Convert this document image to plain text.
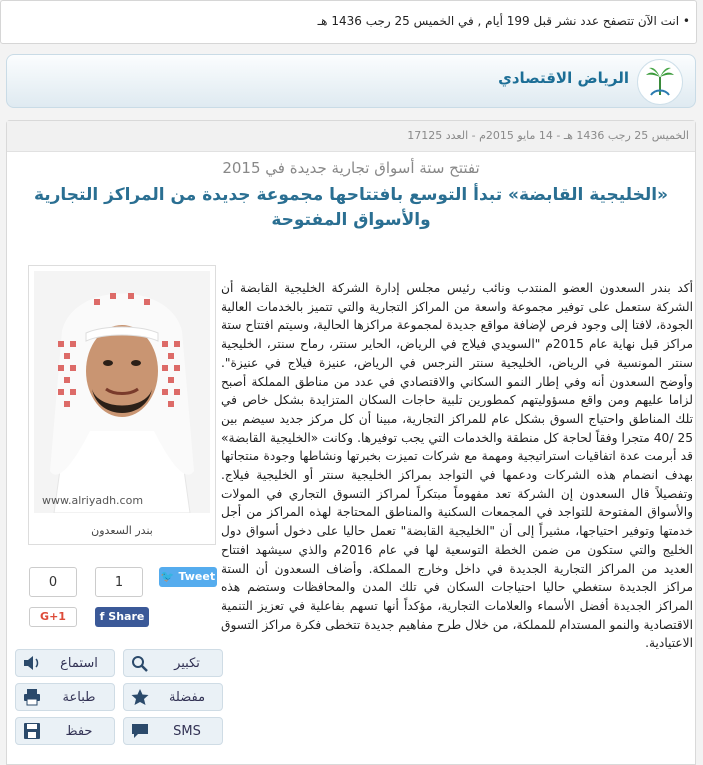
• انت الآن تتصفح عدد نشر قبل 199 أيام , في الخميس 25 رجب 1436 هـ
الرياض الاقتصادي
الخميس 25 رجب 1436 هـ - 14 مايو 2015م - العدد 17125
تفتتح ستة أسواق تجارية جديدة في 2015
«الخليجية القابضة» تبدأ التوسع بافتتاحها مجموعة جديدة من المراكز التجارية والأسواق المفتوحة
www.alriyadh.com
بندر السعدون
أكد بندر السعدون العضو المنتدب ونائب رئيس مجلس إدارة الشركة الخليجية القابضة أن الشركة ستعمل على توفير مجموعة واسعة من المراكز التجارية والتي تتميز بالخدمات العالية الجودة، لافتا إلى وجود فرص لإضافة مواقع جديدة لمجموعة مراكزها الحالية، وسيتم افتتاح ستة مراكز قبل نهاية عام 2015م "السويدي فيلاج في الرياض، الحاير سنتر، رماح سنتر، الخليجية سنتر المونسية في الرياض، الخليجية سنتر النرجس في الرياض، عنيزة فيلاج في عنيزة". وأوضح السعدون أنه وفي إطار النمو السكاني والاقتصادي في عدد من مناطق المملكة أصبح لزاما عليهم ومن واقع مسؤوليتهم كمطورين تلبية حاجات السكان المتزايدة بشكل خاص في تلك المناطق واحتياج السوق بشكل عام للمراكز التجارية، مبينا أن كل مركز جديد سيضم بين 25 /40 متجرا وفقاً لحاجة كل منطقة والخدمات التي يجب توفيرها. وكانت «الخليجية القابضة» قد أبرمت عدة اتفاقيات استراتيجية ومهمة مع شركات تميزت بخبرتها ونشاطها وجودة منتجاتها بهدف انضمام هذه الشركات ودعمها في التواجد بمراكز الخليجية سنتر أو الخليجية فيلاج. وتفصيلاً قال السعدون إن الشركة تعد مفهوماً مبتكراً لمراكز التسوق التجاري في المولات والأسواق المفتوحة للتواجد في المجمعات السكنية والمناطق المحتاجة لهذه المراكز من أجل خدمتها وتوفير احتياجها، مشيراً إلى أن "الخليجية القابضة" تعمل حاليا على دخول أسواق دول الخليج والتي ستكون من ضمن الخطة التوسعية لها في عام 2016م والذي سيشهد افتتاح العديد من المراكز التجارية الجديدة في داخل وخارج المملكة. وأضاف السعدون أن الستة مراكز الجديدة ستغطي حاليا احتياجات السكان في تلك المدن والمحافظات وستضم هذه المراكز الجديدة أفضل الأسماء والعلامات التجارية، مؤكداً أنها تسهم بفاعلية في تعزيز التنمية الاقتصادية والنمو المستدام للمملكة، من خلال طرح مفاهيم جديدة تتخطى فكرة مراكز التسوق الاعتيادية.
🐦 Tweet
1
f Share
0
G+1
تكبير
استماع
مفضلة
طباعة
SMS
حفظ
